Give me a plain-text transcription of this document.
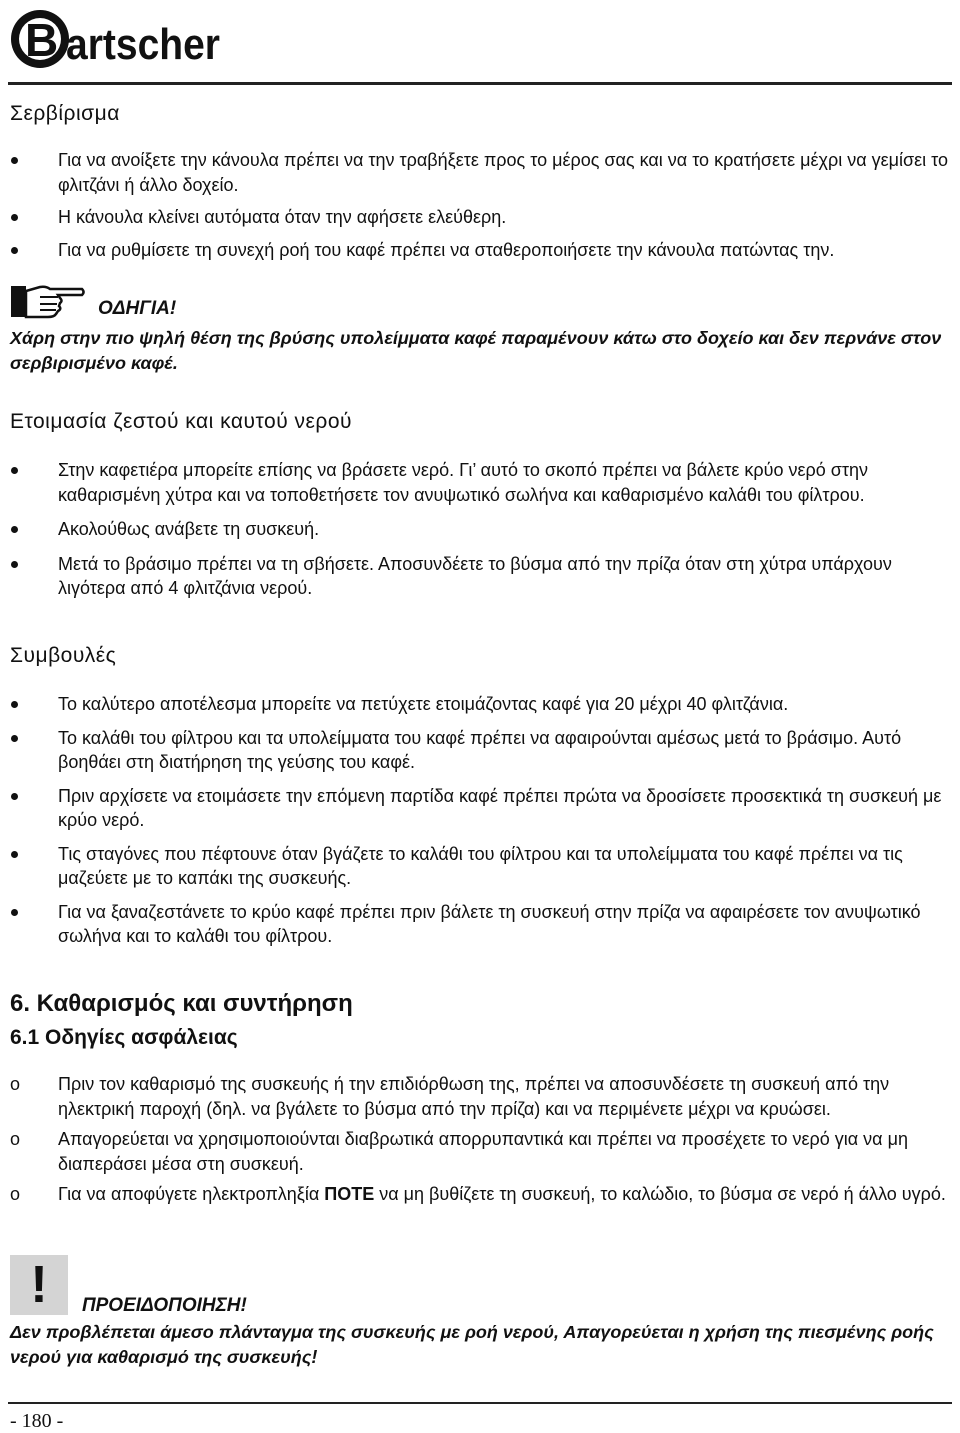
B artscher
Σερβίρισμα
Για να ανοίξετε την κάνουλα πρέπει να την τραβήξετε προς το μέρος σας και να το κρατήσετε μέχρι να γεμίσει το φλιτζάνι ή άλλο δοχείο.
Η κάνουλα κλείνει αυτόματα όταν την αφήσετε ελεύθερη.
Για να ρυθμίσετε τη συνεχή ροή του καφέ πρέπει να σταθεροποιήσετε την κάνουλα πατώντας την.
ΟΔΗΓΙΑ!
Χάρη στην πιο ψηλή θέση της βρύσης υπολείμματα καφέ παραμένουν κάτω στο δοχείο και δεν περνάνε στον σερβιρισμένο καφέ.
Ετοιμασία ζεστού και καυτού νερού
Στην καφετιέρα μπορείτε επίσης να βράσετε νερό. Γι’ αυτό το σκοπό πρέπει να βάλετε κρύο νερό στην καθαρισμένη χύτρα και να τοποθετήσετε τον ανυψωτικό σωλήνα και καθαρισμένο καλάθι του φίλτρου.
Ακολούθως ανάβετε τη συσκευή.
Μετά το βράσιμο πρέπει να τη σβήσετε. Αποσυνδέετε το βύσμα από την πρίζα όταν στη χύτρα υπάρχουν λιγότερα από 4 φλιτζάνια νερού.
Συμβουλές
Το καλύτερο αποτέλεσμα μπορείτε να πετύχετε ετοιμάζοντας καφέ για 20 μέχρι 40 φλιτζάνια.
Το καλάθι του φίλτρου και τα υπολείμματα του καφέ πρέπει να αφαιρούνται αμέσως μετά το βράσιμο. Αυτό βοηθάει στη διατήρηση της γεύσης του καφέ.
Πριν αρχίσετε να ετοιμάσετε την επόμενη παρτίδα καφέ πρέπει πρώτα να δροσίσετε προσεκτικά τη συσκευή με κρύο νερό.
Τις σταγόνες που πέφτουνε όταν βγάζετε το καλάθι του φίλτρου και τα υπολείμματα του καφέ πρέπει να τις μαζεύετε με το καπάκι της συσκευής.
Για να ξαναζεστάνετε το κρύο καφέ πρέπει πριν βάλετε τη συσκευή στην πρίζα να αφαιρέσετε τον ανυψωτικό σωλήνα και το καλάθι του φίλτρου.
6. Καθαρισμός και συντήρηση
6.1 Οδηγίες ασφάλειας
o Πριν τον καθαρισμό της συσκευής ή την επιδιόρθωση της, πρέπει να αποσυνδέσετε τη συσκευή από την ηλεκτρική παροχή (δηλ. να βγάλετε το βύσμα από την πρίζα) και να περιμένετε μέχρι να κρυώσει.
o Απαγορεύεται να χρησιμοποιούνται διαβρωτικά απορρυπαντικά και πρέπει να προσέχετε το νερό για να μη διαπεράσει μέσα στη συσκευή.
o Για να αποφύγετε ηλεκτροπληξία ΠΟΤΕ να μη βυθίζετε τη συσκευή, το καλώδιο, το βύσμα σε νερό ή άλλο υγρό.
!	ΠΡΟΕΙΔΟΠΟΙΗΣΗ!
Δεν προβλέπεται άμεσο πλάνταγμα της συσκευής με ροή νερού, Απαγορεύεται η χρήση της πιεσμένης ροής νερού για καθαρισμό της συσκευής!
- 180 -
